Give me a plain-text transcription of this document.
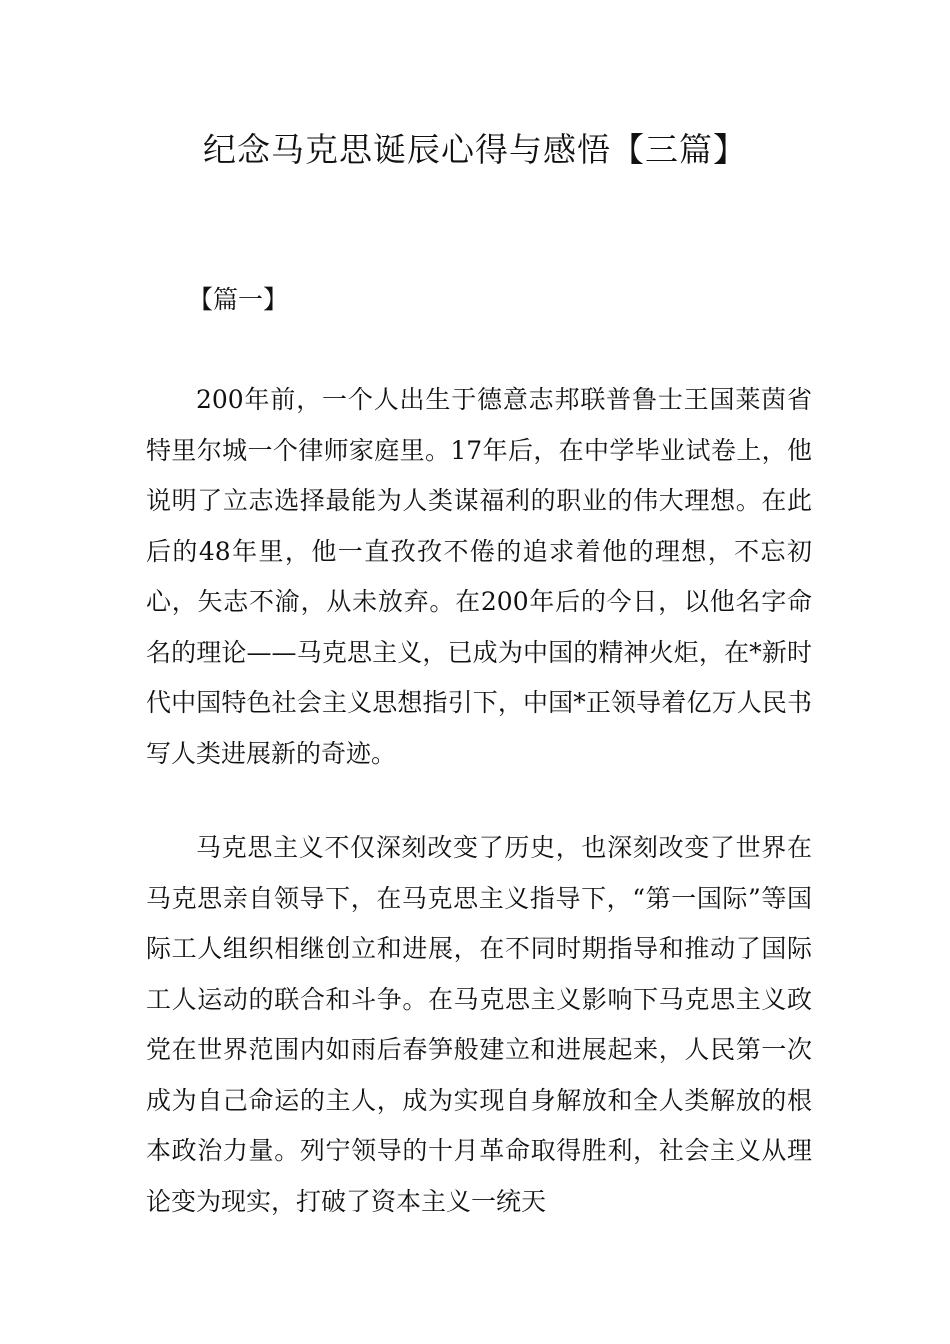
纪念马克思诞辰心得与感悟【三篇】
【篇一】

200年前，一个人出生于德意志邦联普鲁士王国莱茵省特里尔城一个律师家庭里。17年后，在中学毕业试卷上，他说明了立志选择最能为人类谋福利的职业的伟大理想。在此后的48年里，他一直孜孜不倦的追求着他的理想，不忘初心，矢志不渝，从未放弃。在200年后的今日，以他名字命名的理论——马克思主义，已成为中国的精神火炬，在*新时代中国特色社会主义思想指引下，中国*正领导着亿万人民书写人类进展新的奇迹。

马克思主义不仅深刻改变了历史，也深刻改变了世界在马克思亲自领导下，在马克思主义指导下，“第一国际”等国际工人组织相继创立和进展，在不同时期指导和推动了国际工人运动的联合和斗争。在马克思主义影响下马克思主义政党在世界范围内如雨后春笋般建立和进展起来，人民第一次成为自己命运的主人，成为实现自身解放和全人类解放的根本政治力量。列宁领导的十月革命取得胜利，社会主义从理论变为现实，打破了资本主义一统天
